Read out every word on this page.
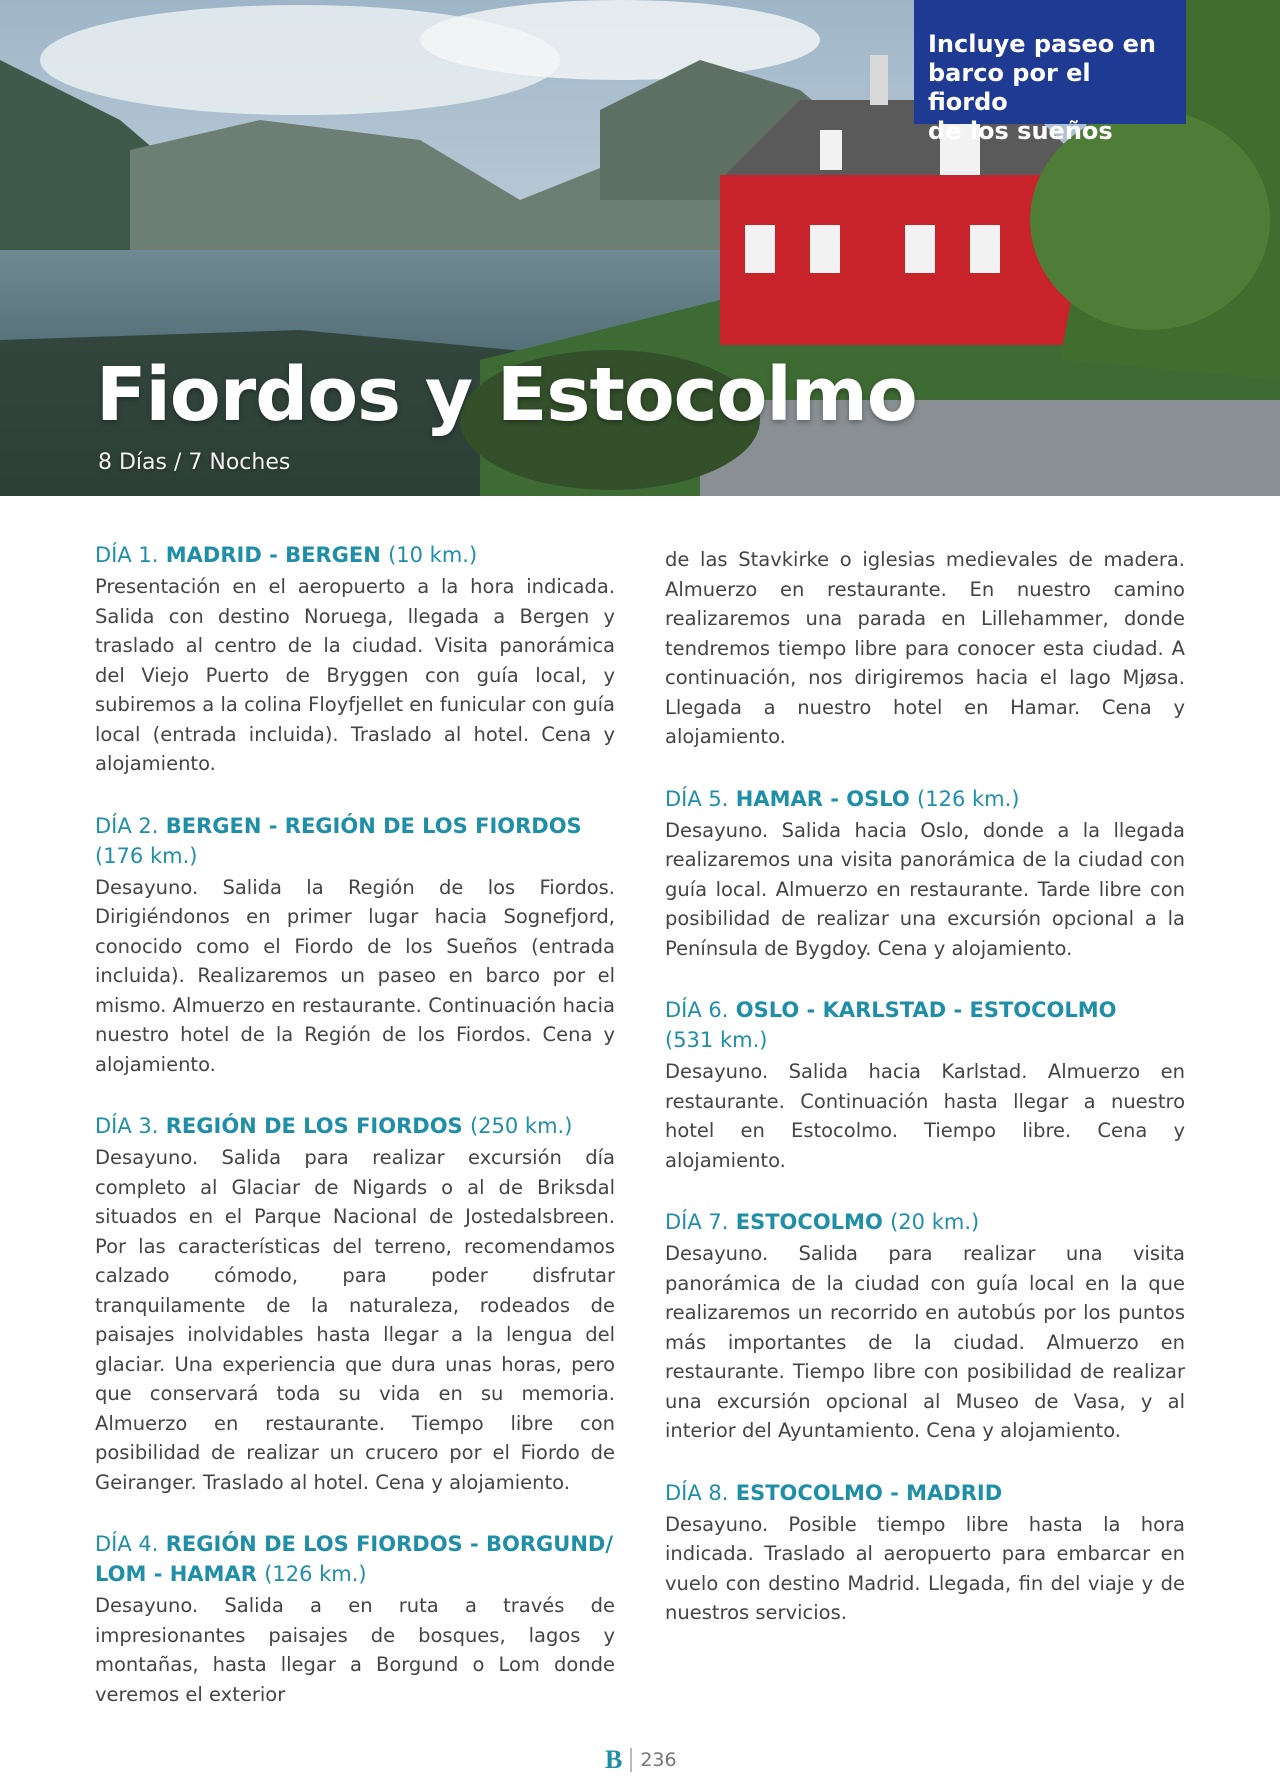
Incluye paseo en
barco por el fiordo
de los sueños
Fiordos y Estocolmo
8 Días / 7 Noches

DÍA 1. MADRID - BERGEN (10 km.)

Presentación en el aeropuerto a la hora indicada. Salida con destino Noruega, llegada a Bergen y traslado al centro de la ciudad. Visita panorámica del Viejo Puerto de Bryggen con guía local, y subiremos a la colina Floyfjellet en funicular con guía local (entrada incluida). Traslado al hotel. Cena y alojamiento.

DÍA 2. BERGEN - REGIÓN DE LOS FIORDOS
(176 km.)

Desayuno. Salida la Región de los Fiordos. Dirigiéndonos en primer lugar hacia Sognefjord, conocido como el Fiordo de los Sueños (entrada incluida). Realizaremos un paseo en barco por el mismo. Almuerzo en restaurante. Continuación hacia nuestro hotel de la Región de los Fiordos. Cena y alojamiento.

DÍA 3. REGIÓN DE LOS FIORDOS (250 km.)

Desayuno. Salida para realizar excursión día completo al Glaciar de Nigards o al de Briksdal situados en el Parque Nacional de Jostedalsbreen. Por las características del terreno, recomendamos calzado cómodo, para poder disfrutar tranquilamente de la naturaleza, rodeados de paisajes inolvidables hasta llegar a la lengua del glaciar. Una experiencia que dura unas horas, pero que conservará toda su vida en su memoria. Almuerzo en restaurante. Tiempo libre con posibilidad de realizar un crucero por el Fiordo de Geiranger. Traslado al hotel. Cena y alojamiento.

DÍA 4. REGIÓN DE LOS FIORDOS - BORGUND/ LOM - HAMAR (126 km.)

Desayuno. Salida a en ruta a través de impresionantes paisajes de bosques, lagos y montañas, hasta llegar a Borgund o Lom donde veremos el exterior

de las Stavkirke o iglesias medievales de madera. Almuerzo en restaurante. En nuestro camino realizaremos una parada en Lillehammer, donde tendremos tiempo libre para conocer esta ciudad. A continuación, nos dirigiremos hacia el lago Mjøsa. Llegada a nuestro hotel en Hamar. Cena y alojamiento.

DÍA 5. HAMAR - OSLO (126 km.)

Desayuno. Salida hacia Oslo, donde a la llegada realizaremos una visita panorámica de la ciudad con guía local. Almuerzo en restaurante. Tarde libre con posibilidad de realizar una excursión opcional a la Península de Bygdoy. Cena y alojamiento.

DÍA 6. OSLO - KARLSTAD - ESTOCOLMO
(531 km.)

Desayuno. Salida hacia Karlstad. Almuerzo en restaurante. Continuación hasta llegar a nuestro hotel en Estocolmo. Tiempo libre. Cena y alojamiento.

DÍA 7. ESTOCOLMO (20 km.)

Desayuno. Salida para realizar una visita panorámica de la ciudad con guía local en la que realizaremos un recorrido en autobús por los puntos más importantes de la ciudad. Almuerzo en restaurante. Tiempo libre con posibilidad de realizar una excursión opcional al Museo de Vasa, y al interior del Ayuntamiento. Cena y alojamiento.

DÍA 8. ESTOCOLMO - MADRID

Desayuno. Posible tiempo libre hasta la hora indicada. Traslado al aeropuerto para embarcar en vuelo con destino Madrid. Llegada, fin del viaje y de nuestros servicios.

B 236
